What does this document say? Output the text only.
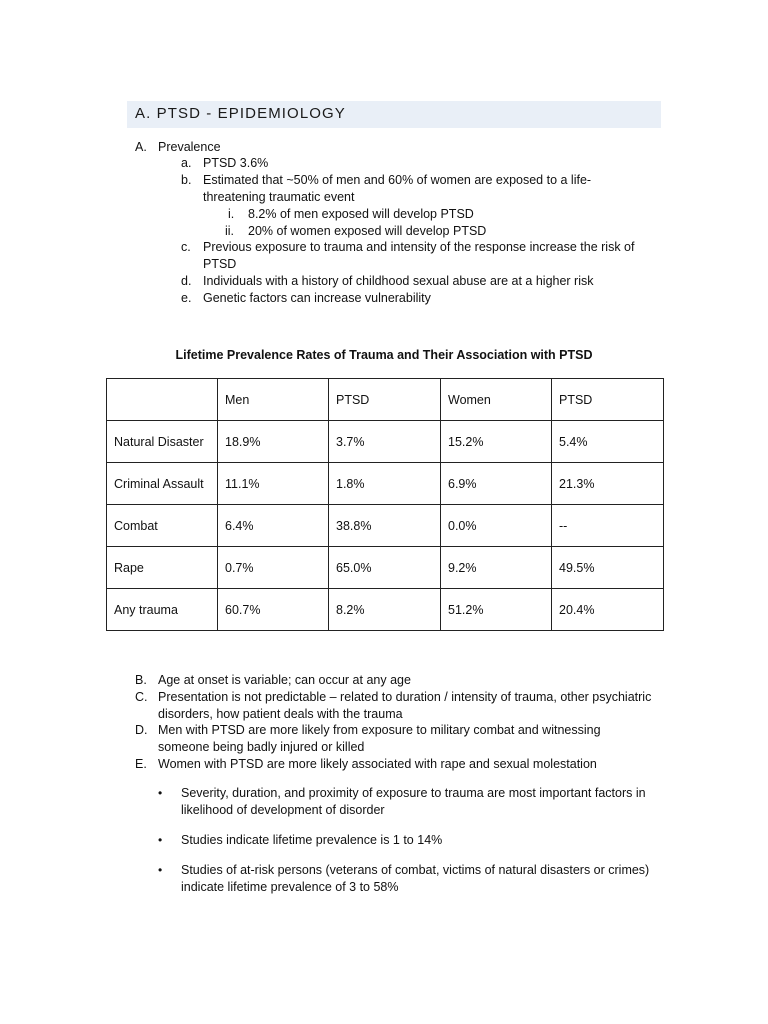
A. PTSD - EPIDEMIOLOGY
A. Prevalence
a. PTSD 3.6%
b. Estimated that ~50% of men and 60% of women are exposed to a life-
threatening traumatic event
i. 8.2% of men exposed will develop PTSD
ii. 20% of women exposed will develop PTSD
c. Previous exposure to trauma and intensity of the response increase the risk of
PTSD
d. Individuals with a history of childhood sexual abuse are at a higher risk
e. Genetic factors can increase vulnerability
Lifetime Prevalence Rates of Trauma and Their Association with PTSD
	Men	PTSD	Women	PTSD
Natural Disaster	18.9%	3.7%	15.2%	5.4%
Criminal Assault	11.1%	1.8%	6.9%	21.3%
Combat	6.4%	38.8%	0.0%	--
Rape	0.7%	65.0%	9.2%	49.5%
Any trauma	60.7%	8.2%	51.2%	20.4%
B. Age at onset is variable; can occur at any age
C. Presentation is not predictable – related to duration / intensity of trauma, other psychiatric
disorders, how patient deals with the trauma
D. Men with PTSD are more likely from exposure to military combat and witnessing
someone being badly injured or killed
E. Women with PTSD are more likely associated with rape and sexual molestation
• Severity, duration, and proximity of exposure to trauma are most important factors in
likelihood of development of disorder
• Studies indicate lifetime prevalence is 1 to 14%
• Studies of at-risk persons (veterans of combat, victims of natural disasters or crimes)
indicate lifetime prevalence of 3 to 58%
